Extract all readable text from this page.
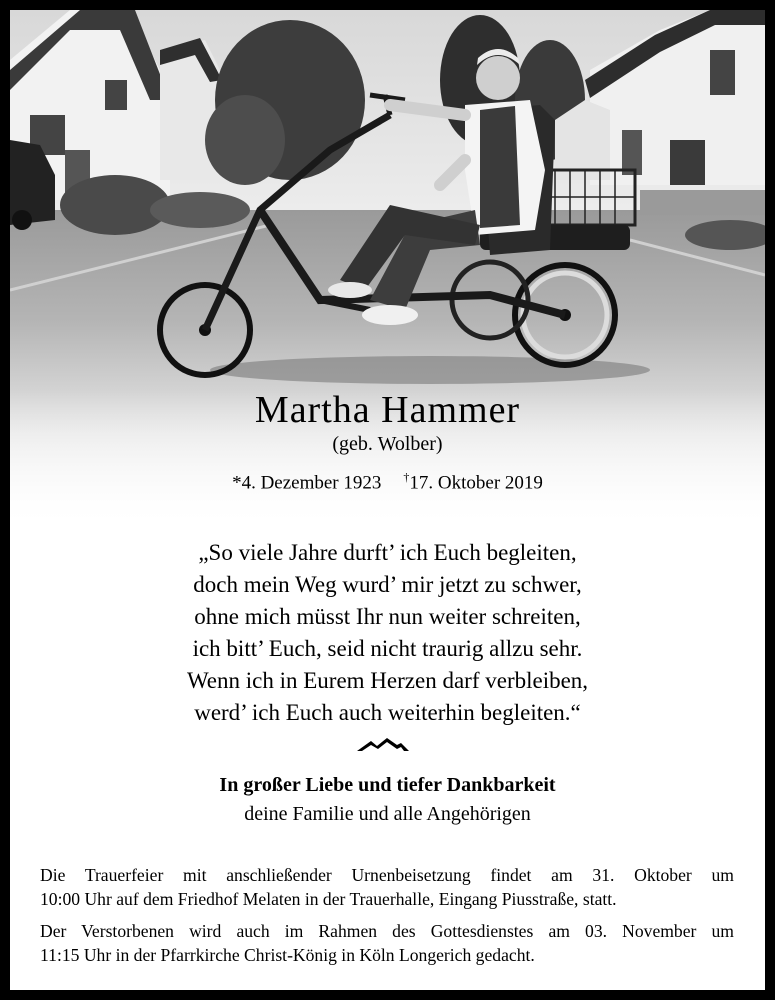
Martha Hammer
(geb. Wolber)
*4. Dezember 1923 †17. Oktober 2019
„So viele Jahre durft’ ich Euch begleiten,
doch mein Weg wurd’ mir jetzt zu schwer,
ohne mich müsst Ihr nun weiter schreiten,
ich bitt’ Euch, seid nicht traurig allzu sehr.
Wenn ich in Eurem Herzen darf verbleiben,
werd’ ich Euch auch weiterhin begleiten.“
In großer Liebe und tiefer Dankbarkeit
deine Familie und alle Angehörigen
Die Trauerfeier mit anschließender Urnenbeisetzung findet am 31. Oktober um
10:00 Uhr auf dem Friedhof Melaten in der Trauerhalle, Eingang Piusstraße, statt.
Der Verstorbenen wird auch im Rahmen des Gottesdienstes am 03. November um
11:15 Uhr in der Pfarrkirche Christ-König in Köln Longerich gedacht.
